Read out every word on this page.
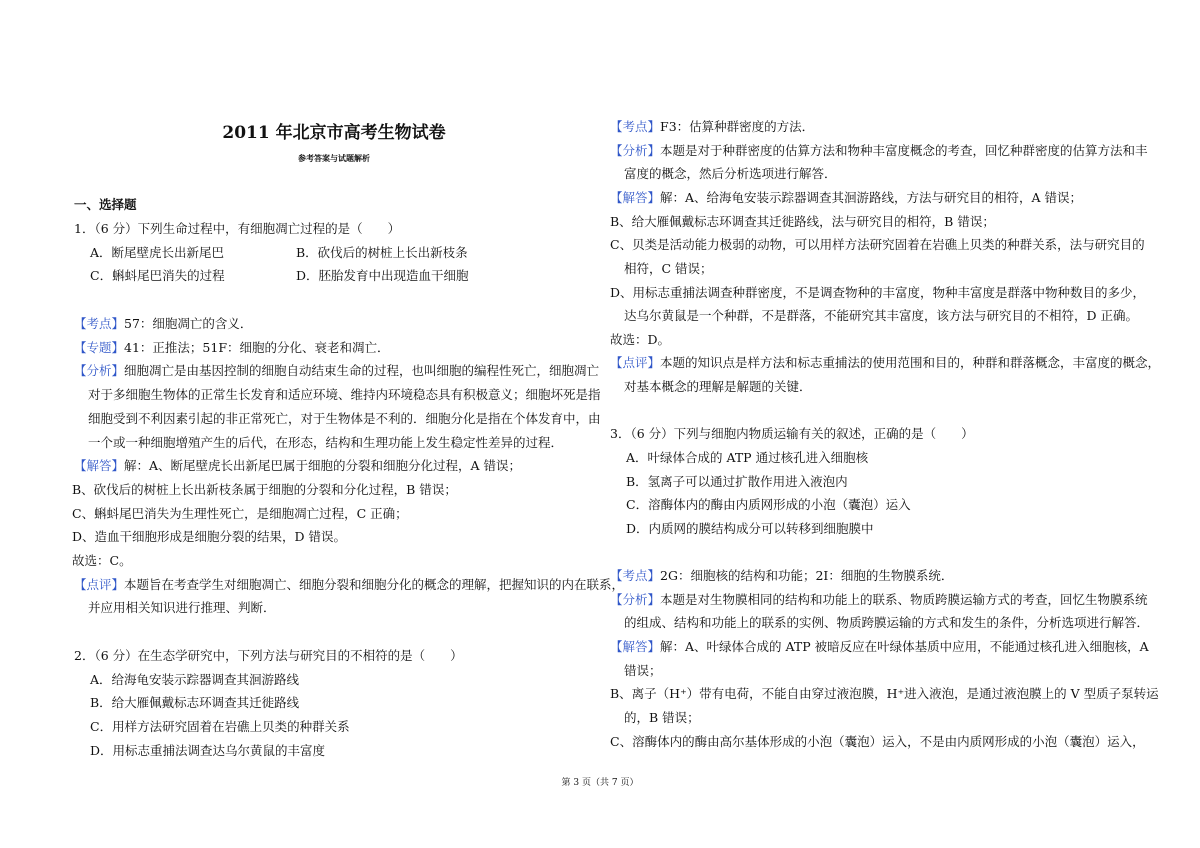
2011 年北京市高考生物试卷
参考答案与试题解析
一、选择题
1．（6 分）下列生命过程中，有细胞凋亡过程的是（　　）
A．断尾壁虎长出新尾巴	B．砍伐后的树桩上长出新枝条
C．蝌蚪尾巴消失的过程	D．胚胎发育中出现造血干细胞
【考点】57：细胞凋亡的含义．
【专题】41：正推法；51F：细胞的分化、衰老和凋亡．
【分析】细胞凋亡是由基因控制的细胞自动结束生命的过程，也叫细胞的编程性死亡，细胞凋亡
对于多细胞生物体的正常生长发育和适应环境、维持内环境稳态具有积极意义；细胞坏死是指
细胞受到不利因素引起的非正常死亡，对于生物体是不利的．细胞分化是指在个体发育中，由
一个或一种细胞增殖产生的后代，在形态，结构和生理功能上发生稳定性差异的过程．
【解答】解：A、断尾壁虎长出新尾巴属于细胞的分裂和细胞分化过程，A 错误；
B、砍伐后的树桩上长出新枝条属于细胞的分裂和分化过程，B 错误；
C、蝌蚪尾巴消失为生理性死亡，是细胞凋亡过程，C 正确；
D、造血干细胞形成是细胞分裂的结果，D 错误。
故选：C。
【点评】本题旨在考查学生对细胞凋亡、细胞分裂和细胞分化的概念的理解，把握知识的内在联系，
并应用相关知识进行推理、判断．
2．（6 分）在生态学研究中，下列方法与研究目的不相符的是（　　）
A．给海龟安装示踪器调查其洄游路线
B．给大雁佩戴标志环调查其迁徙路线
C．用样方法研究固着在岩礁上贝类的种群关系
D．用标志重捕法调查达乌尔黄鼠的丰富度
【考点】F3：估算种群密度的方法．
【分析】本题是对于种群密度的估算方法和物种丰富度概念的考查，回忆种群密度的估算方法和丰
富度的概念，然后分析选项进行解答．
【解答】解：A、给海龟安装示踪器调查其洄游路线，方法与研究目的相符，A 错误；
B、给大雁佩戴标志环调查其迁徙路线，法与研究目的相符，B 错误；
C、贝类是活动能力极弱的动物，可以用样方法研究固着在岩礁上贝类的种群关系，法与研究目的
相符，C 错误；
D、用标志重捕法调查种群密度，不是调查物种的丰富度，物种丰富度是群落中物种数目的多少，
达乌尔黄鼠是一个种群，不是群落，不能研究其丰富度，该方法与研究目的不相符，D 正确。
故选：D。
【点评】本题的知识点是样方法和标志重捕法的使用范围和目的，种群和群落概念，丰富度的概念，
对基本概念的理解是解题的关键．
3．（6 分）下列与细胞内物质运输有关的叙述，正确的是（　　）
A．叶绿体合成的 ATP 通过核孔进入细胞核
B．氢离子可以通过扩散作用进入液泡内
C．溶酶体内的酶由内质网形成的小泡（囊泡）运入
D．内质网的膜结构成分可以转移到细胞膜中
【考点】2G：细胞核的结构和功能；2I：细胞的生物膜系统．
【分析】本题是对生物膜相同的结构和功能上的联系、物质跨膜运输方式的考查，回忆生物膜系统
的组成、结构和功能上的联系的实例、物质跨膜运输的方式和发生的条件，分析选项进行解答．
【解答】解：A、叶绿体合成的 ATP 被暗反应在叶绿体基质中应用，不能通过核孔进入细胞核，A
错误；
B、离子（H⁺）带有电荷，不能自由穿过液泡膜，H⁺进入液泡，是通过液泡膜上的 V 型质子泵转运
的，B 错误；
C、溶酶体内的酶由高尔基体形成的小泡（囊泡）运入，不是由内质网形成的小泡（囊泡）运入，
第 3 页（共 7 页）
